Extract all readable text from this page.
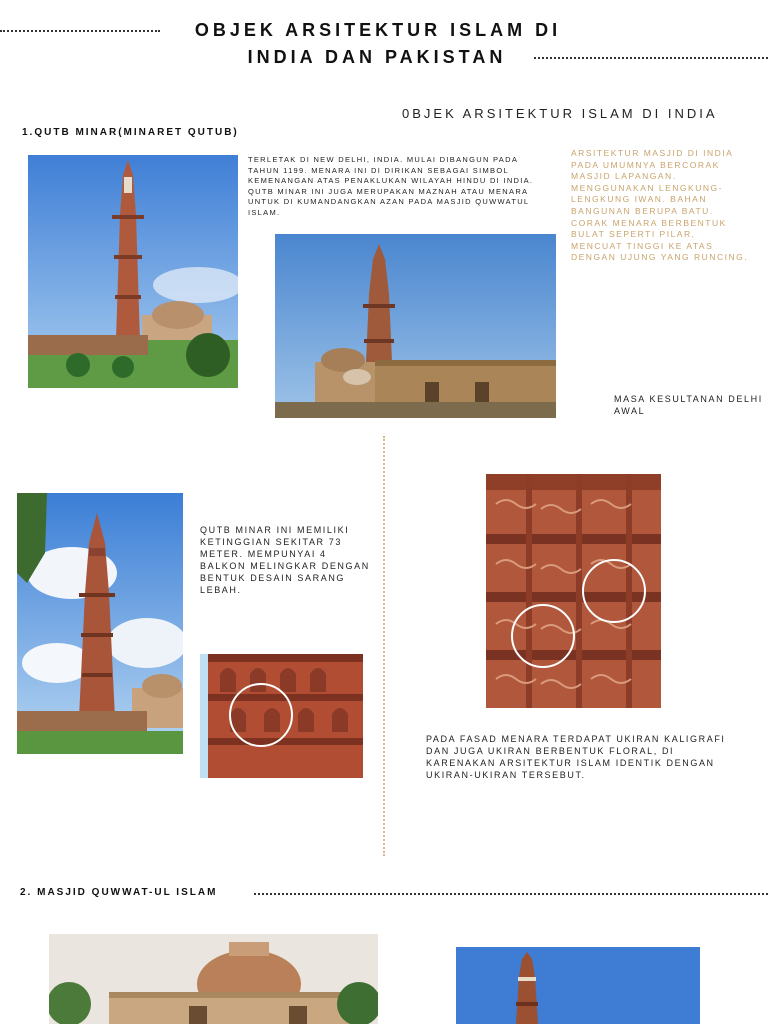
OBJEK ARSITEKTUR ISLAM DI
INDIA DAN PAKISTAN
0BJEK ARSITEKTUR ISLAM DI INDIA
1.QUTB MINAR(MINARET QUTUB)
TERLETAK DI NEW DELHI, INDIA. MULAI DIBANGUN PADA TAHUN 1199. MENARA INI DI DIRIKAN SEBAGAI SIMBOL KEMENANGAN ATAS PENAKLUKAN WILAYAH HINDU DI INDIA. QUTB MINAR INI JUGA MERUPAKAN MAZNAH ATAU MENARA UNTUK DI KUMANDANGKAN AZAN PADA MASJID QUWWATUL ISLAM.
ARSITEKTUR MASJID DI INDIA PADA UMUMNYA BERCORAK MASJID LAPANGAN. MENGGUNAKAN LENGKUNG-LENGKUNG IWAN. BAHAN BANGUNAN BERUPA BATU. CORAK MENARA BERBENTUK BULAT SEPERTI PILAR, MENCUAT TINGGI KE ATAS DENGAN UJUNG YANG RUNCING.
MASA KESULTANAN DELHI AWAL
QUTB MINAR INI MEMILIKI KETINGGIAN SEKITAR 73 METER. MEMPUNYAI 4 BALKON MELINGKAR DENGAN BENTUK DESAIN SARANG LEBAH.
PADA FASAD MENARA TERDAPAT UKIRAN KALIGRAFI DAN JUGA UKIRAN BERBENTUK FLORAL, DI KARENAKAN ARSITEKTUR ISLAM IDENTIK DENGAN UKIRAN-UKIRAN TERSEBUT.
2. MASJID QUWWAT-UL ISLAM
